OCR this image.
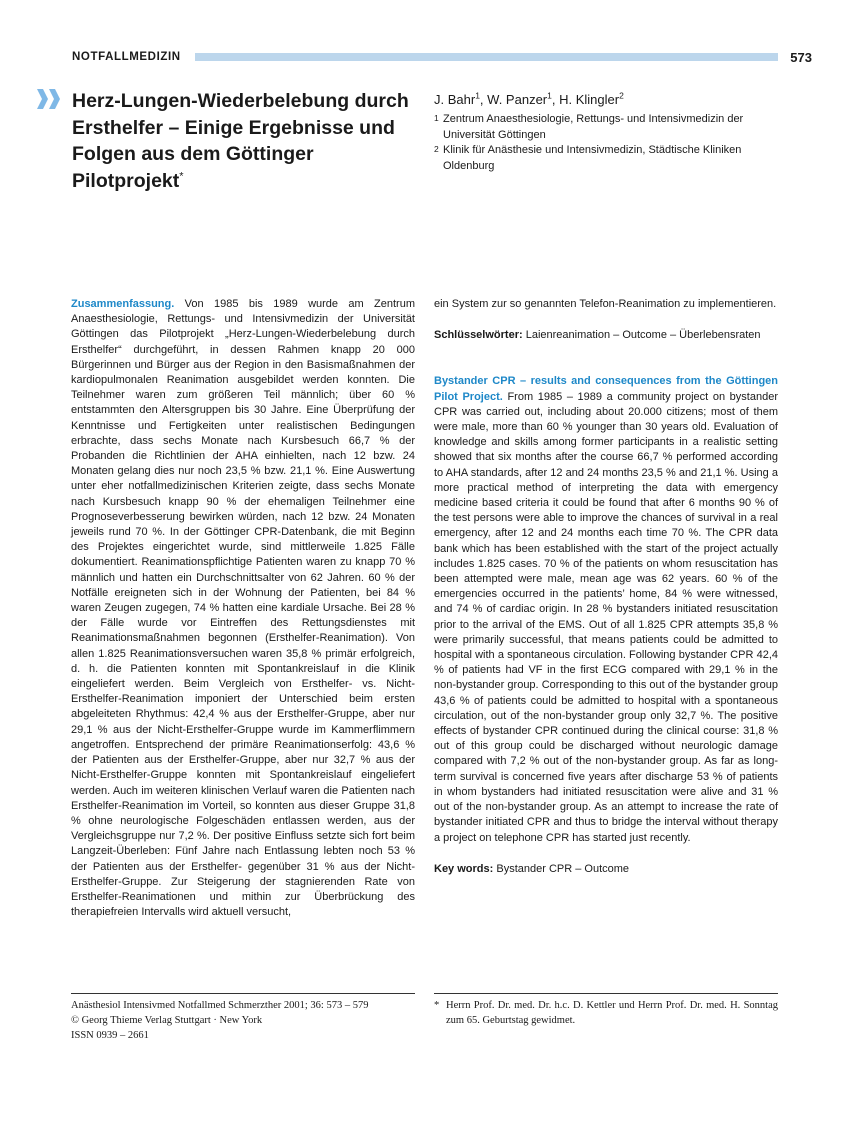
NOTFALLMEDIZIN	573
Herz-Lungen-Wiederbelebung durch Ersthelfer – Einige Ergebnisse und Folgen aus dem Göttinger Pilotprojekt*
J. Bahr$^1$, W. Panzer$^1$, H. Klingler$^2$
1 Zentrum Anaesthesiologie, Rettungs- und Intensivmedizin der Universität Göttingen
2 Klinik für Anästhesie und Intensivmedizin, Städtische Kliniken Oldenburg

Zusammenfassung. Von 1985 bis 1989 wurde am Zentrum Anaesthesiologie, Rettungs- und Intensivmedizin der Universität Göttingen das Pilotprojekt „Herz-Lungen-Wiederbelebung durch Ersthelfer“ durchgeführt, in dessen Rahmen knapp 20 000 Bürgerinnen und Bürger aus der Region in den Basismaßnahmen der kardiopulmonalen Reanimation ausgebildet werden konnten. Die Teilnehmer waren zum größeren Teil männlich; über 60 % entstammten den Altersgruppen bis 30 Jahre. Eine Überprüfung der Kenntnisse und Fertigkeiten unter realistischen Bedingungen erbrachte, dass sechs Monate nach Kursbesuch 66,7 % der Probanden die Richtlinien der AHA einhielten, nach 12 bzw. 24 Monaten gelang dies nur noch 23,5 % bzw. 21,1 %. Eine Auswertung unter eher notfallmedizinischen Kriterien zeigte, dass sechs Monate nach Kursbesuch knapp 90 % der ehemaligen Teilnehmer eine Prognoseverbesserung bewirken würden, nach 12 bzw. 24 Monaten jeweils rund 70 %. In der Göttinger CPR-Datenbank, die mit Beginn des Projektes eingerichtet wurde, sind mittlerweile 1.825 Fälle dokumentiert. Reanimationspflichtige Patienten waren zu knapp 70 % männlich und hatten ein Durchschnittsalter von 62 Jahren. 60 % der Notfälle ereigneten sich in der Wohnung der Patienten, bei 84 % waren Zeugen zugegen, 74 % hatten eine kardiale Ursache. Bei 28 % der Fälle wurde vor Eintreffen des Rettungsdienstes mit Reanimationsmaßnahmen begonnen (Ersthelfer-Reanimation). Von allen 1.825 Reanimationsversuchen waren 35,8 % primär erfolgreich, d. h. die Patienten konnten mit Spontankreislauf in die Klinik eingeliefert werden. Beim Vergleich von Ersthelfer- vs. Nicht-Ersthelfer-Reanimation imponiert der Unterschied beim ersten abgeleiteten Rhythmus: 42,4 % aus der Ersthelfer-Gruppe, aber nur 29,1 % aus der Nicht-Ersthelfer-Gruppe wurde im Kammerflimmern angetroffen. Entsprechend der primäre Reanimationserfolg: 43,6 % der Patienten aus der Ersthelfer-Gruppe, aber nur 32,7 % aus der Nicht-Ersthelfer-Gruppe konnten mit Spontankreislauf eingeliefert werden. Auch im weiteren klinischen Verlauf waren die Patienten nach Ersthelfer-Reanimation im Vorteil, so konnten aus dieser Gruppe 31,8 % ohne neurologische Folgeschäden entlassen werden, aus der Vergleichsgruppe nur 7,2 %. Der positive Einfluss setzte sich fort beim Langzeit-Überleben: Fünf Jahre nach Entlassung lebten noch 53 % der Patienten aus der Ersthelfer- gegenüber 31 % aus der Nicht-Ersthelfer-Gruppe. Zur Steigerung der stagnierenden Rate von Ersthelfer-Reanimationen und mithin zur Überbrückung des therapiefreien Intervalls wird aktuell versucht,

ein System zur so genannten Telefon-Reanimation zu implementieren.

Schlüsselwörter: Laienreanimation – Outcome – Überlebensraten

Bystander CPR – results and consequences from the Göttingen Pilot Project. From 1985 – 1989 a community project on bystander CPR was carried out, including about 20.000 citizens; most of them were male, more than 60 % younger than 30 years old. Evaluation of knowledge and skills among former participants in a realistic setting showed that six months after the course 66,7 % performed according to AHA standards, after 12 and 24 months 23,5 % and 21,1 %. Using a more practical method of interpreting the data with emergency medicine based criteria it could be found that after 6 months 90 % of the test persons were able to improve the chances of survival in a real emergency, after 12 and 24 months each time 70 %. The CPR data bank which has been established with the start of the project actually includes 1.825 cases. 70 % of the patients on whom resuscitation has been attempted were male, mean age was 62 years. 60 % of the emergencies occurred in the patients’ home, 84 % were witnessed, and 74 % of cardiac origin. In 28 % bystanders initiated resuscitation prior to the arrival of the EMS. Out of all 1.825 CPR attempts 35,8 % were primarily successful, that means patients could be admitted to hospital with a spontaneous circulation. Following bystander CPR 42,4 % of patients had VF in the first ECG compared with 29,1 % in the non-bystander group. Corresponding to this out of the bystander group 43,6 % of patients could be admitted to hospital with a spontaneous circulation, out of the non-bystander group only 32,7 %. The positive effects of bystander CPR continued during the clinical course: 31,8 % out of this group could be discharged without neurologic damage compared with 7,2 % out of the non-bystander group. As far as long-term survival is concerned five years after discharge 53 % of patients in whom bystanders had initiated resuscitation were alive and 31 % out of the non-bystander group. As an attempt to increase the rate of bystander initiated CPR and thus to bridge the interval without therapy a project on telephone CPR has started just recently.

Key words: Bystander CPR – Outcome

Anästhesiol Intensivmed Notfallmed Schmerzther 2001; 36: 573 – 579
© Georg Thieme Verlag Stuttgart · New York
ISSN 0939 – 2661
* Herrn Prof. Dr. med. Dr. h.c. D. Kettler und Herrn Prof. Dr. med. H. Sonntag zum 65. Geburtstag gewidmet.
